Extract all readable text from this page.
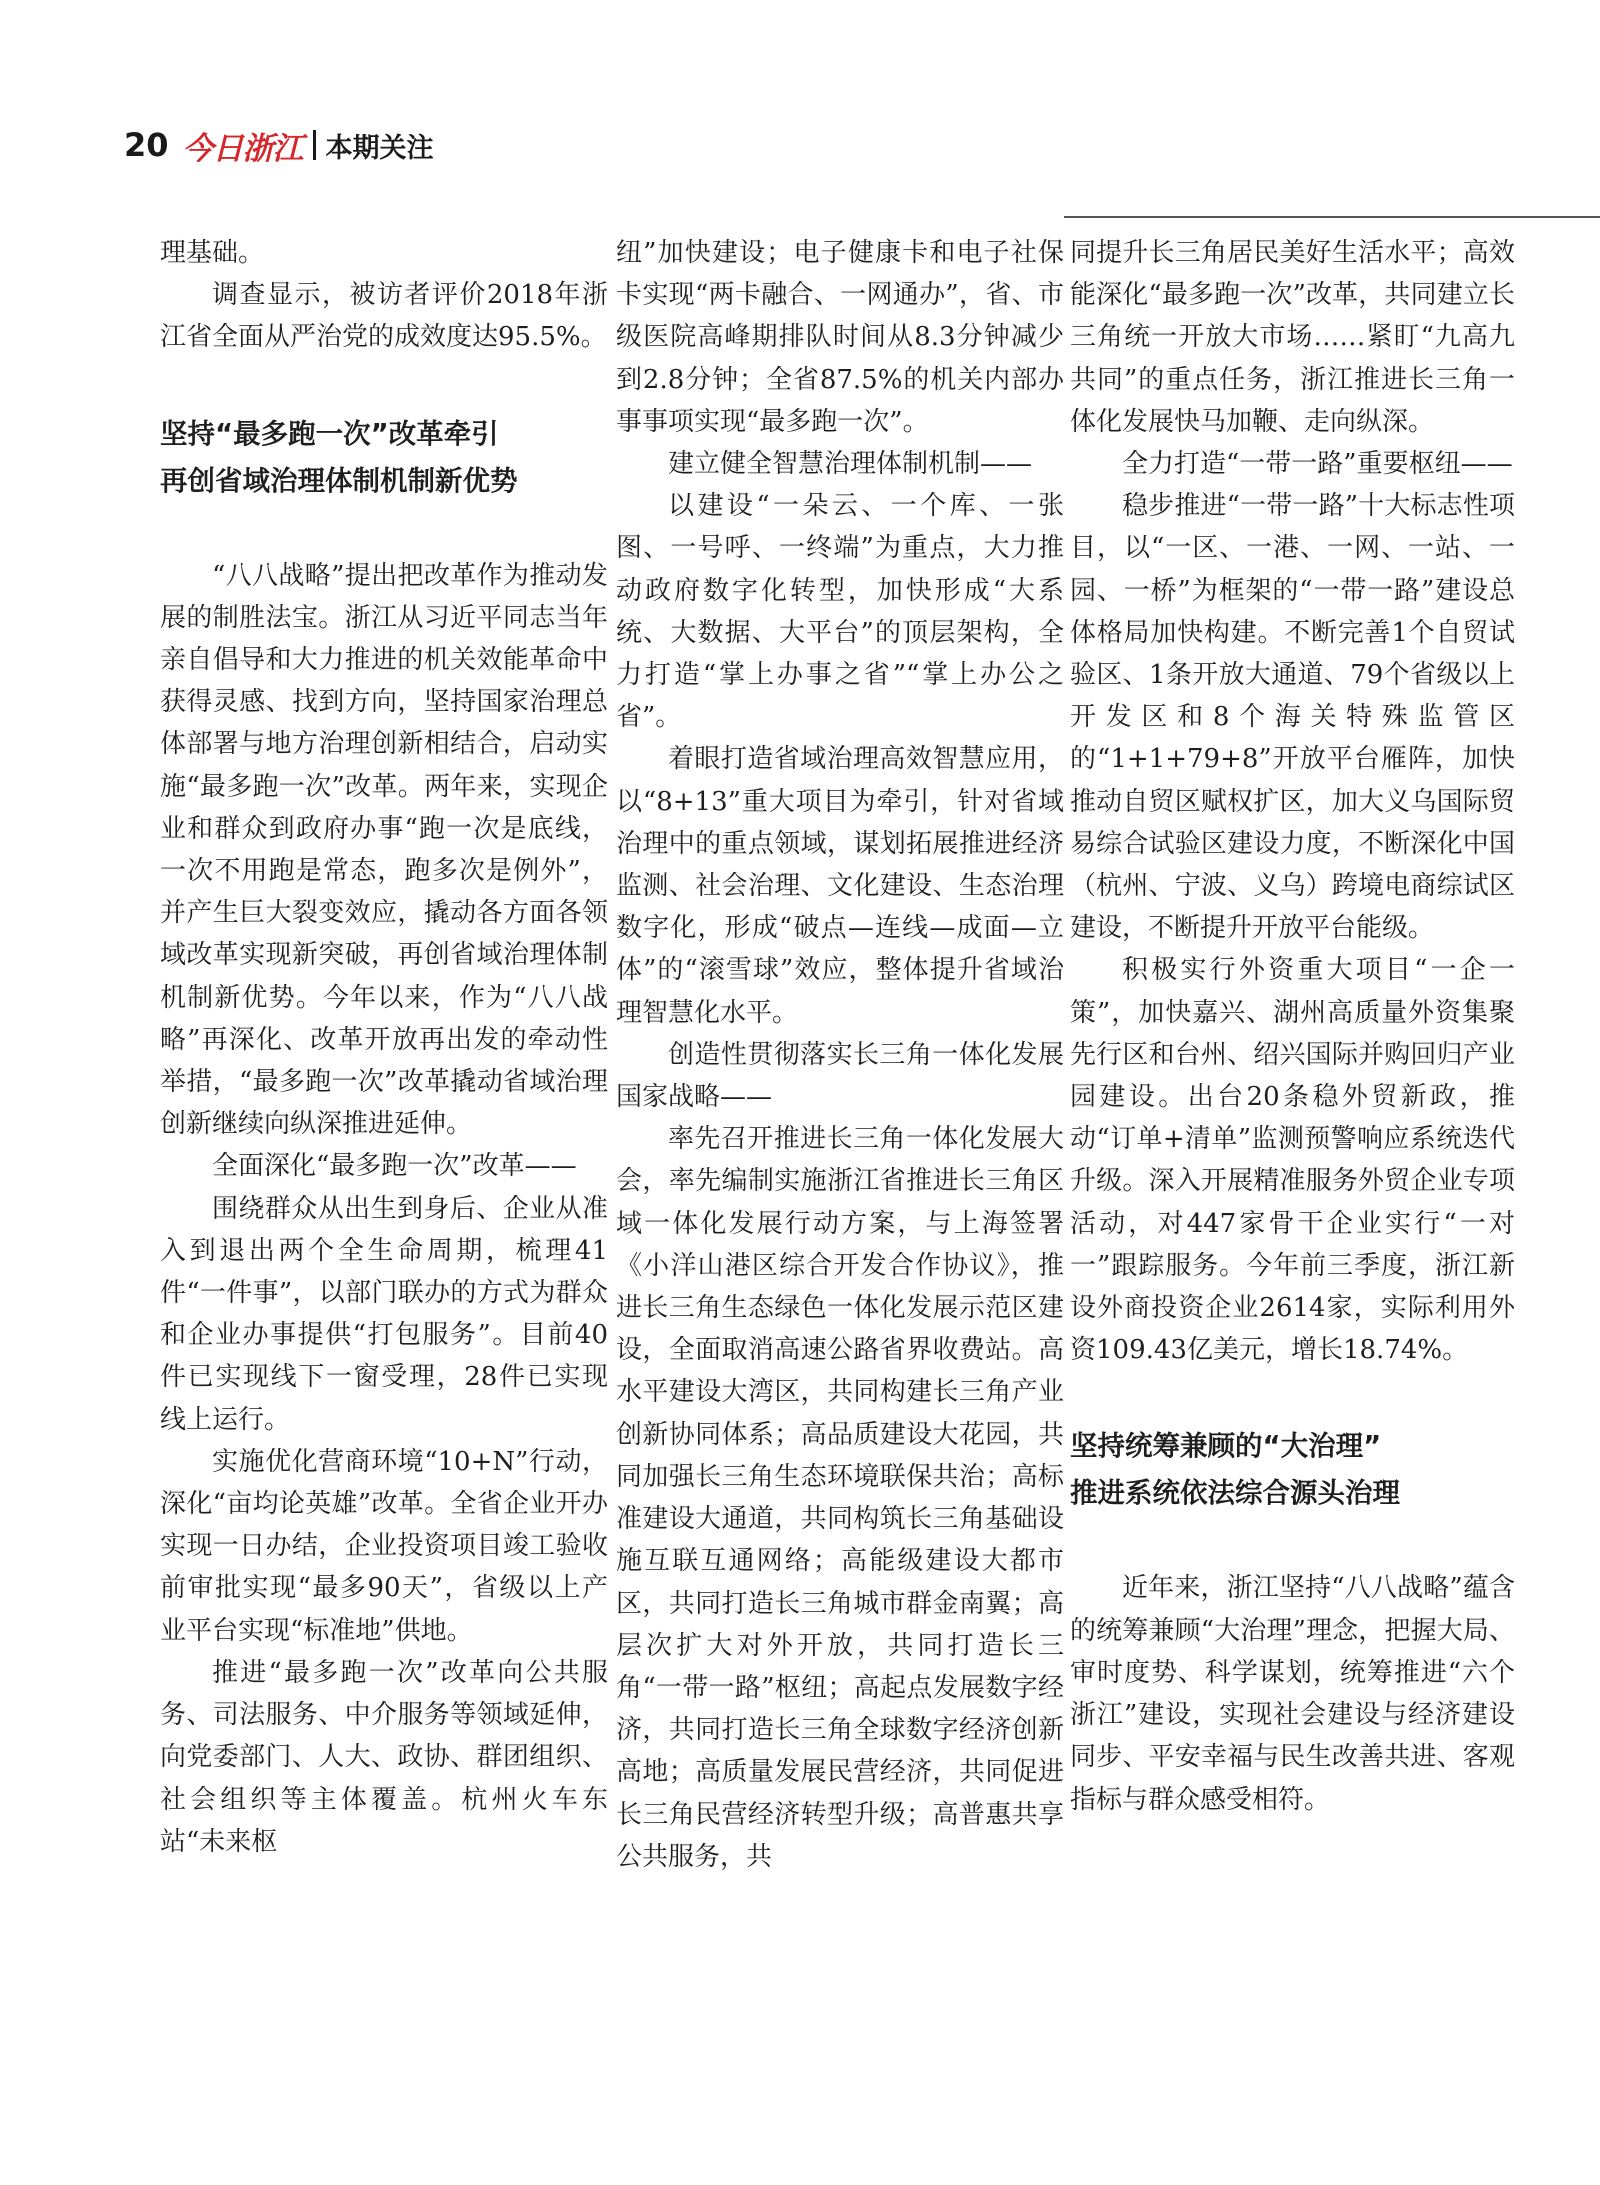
20 今日浙江 本期关注

理基础。

调查显示，被访者评价2018年浙江省全面从严治党的成效度达95.5%。

坚持“最多跑一次”改革牵引
再创省域治理体制机制新优势

“八八战略”提出把改革作为推动发展的制胜法宝。浙江从习近平同志当年亲自倡导和大力推进的机关效能革命中获得灵感、找到方向，坚持国家治理总体部署与地方治理创新相结合，启动实施“最多跑一次”改革。两年来，实现企业和群众到政府办事“跑一次是底线，一次不用跑是常态，跑多次是例外”，并产生巨大裂变效应，撬动各方面各领域改革实现新突破，再创省域治理体制机制新优势。今年以来，作为“八八战略”再深化、改革开放再出发的牵动性举措，“最多跑一次”改革撬动省域治理创新继续向纵深推进延伸。

全面深化“最多跑一次”改革——

围绕群众从出生到身后、企业从准入到退出两个全生命周期，梳理41件“一件事”，以部门联办的方式为群众和企业办事提供“打包服务”。目前40件已实现线下一窗受理，28件已实现线上运行。

实施优化营商环境“10+N”行动，深化“亩均论英雄”改革。全省企业开办实现一日办结，企业投资项目竣工验收前审批实现“最多90天”，省级以上产业平台实现“标准地”供地。

推进“最多跑一次”改革向公共服务、司法服务、中介服务等领域延伸，向党委部门、人大、政协、群团组织、社会组织等主体覆盖。杭州火车东站“未来枢

纽”加快建设；电子健康卡和电子社保卡实现“两卡融合、一网通办”，省、市级医院高峰期排队时间从8.3分钟减少到2.8分钟；全省87.5%的机关内部办事事项实现“最多跑一次”。

建立健全智慧治理体制机制——

以建设“一朵云、一个库、一张图、一号呼、一终端”为重点，大力推动政府数字化转型，加快形成“大系统、大数据、大平台”的顶层架构，全力打造“掌上办事之省”“掌上办公之省”。

着眼打造省域治理高效智慧应用，以“8+13”重大项目为牵引，针对省域治理中的重点领域，谋划拓展推进经济监测、社会治理、文化建设、生态治理数字化，形成“破点—连线—成面—立体”的“滚雪球”效应，整体提升省域治理智慧化水平。

创造性贯彻落实长三角一体化发展国家战略——

率先召开推进长三角一体化发展大会，率先编制实施浙江省推进长三角区域一体化发展行动方案，与上海签署《小洋山港区综合开发合作协议》，推进长三角生态绿色一体化发展示范区建设，全面取消高速公路省界收费站。高水平建设大湾区，共同构建长三角产业创新协同体系；高品质建设大花园，共同加强长三角生态环境联保共治；高标准建设大通道，共同构筑长三角基础设施互联互通网络；高能级建设大都市区，共同打造长三角城市群金南翼；高层次扩大对外开放，共同打造长三角“一带一路”枢纽；高起点发展数字经济，共同打造长三角全球数字经济创新高地；高质量发展民营经济，共同促进长三角民营经济转型升级；高普惠共享公共服务，共

同提升长三角居民美好生活水平；高效能深化“最多跑一次”改革，共同建立长三角统一开放大市场……紧盯“九高九共同”的重点任务，浙江推进长三角一体化发展快马加鞭、走向纵深。

全力打造“一带一路”重要枢纽——

稳步推进“一带一路”十大标志性项目，以“一区、一港、一网、一站、一园、一桥”为框架的“一带一路”建设总体格局加快构建。不断完善1个自贸试验区、1条开放大通道、79个省级以上开发区和8个海关特殊监管区的“1+1+79+8”开放平台雁阵，加快推动自贸区赋权扩区，加大义乌国际贸易综合试验区建设力度，不断深化中国（杭州、宁波、义乌）跨境电商综试区建设，不断提升开放平台能级。

积极实行外资重大项目“一企一策”，加快嘉兴、湖州高质量外资集聚先行区和台州、绍兴国际并购回归产业园建设。出台20条稳外贸新政，推动“订单+清单”监测预警响应系统迭代升级。深入开展精准服务外贸企业专项活动，对447家骨干企业实行“一对一”跟踪服务。今年前三季度，浙江新设外商投资企业2614家，实际利用外资109.43亿美元，增长18.74%。

坚持统筹兼顾的“大治理”
推进系统依法综合源头治理

近年来，浙江坚持“八八战略”蕴含的统筹兼顾“大治理”理念，把握大局、审时度势、科学谋划，统筹推进“六个浙江”建设，实现社会建设与经济建设同步、平安幸福与民生改善共进、客观指标与群众感受相符。
